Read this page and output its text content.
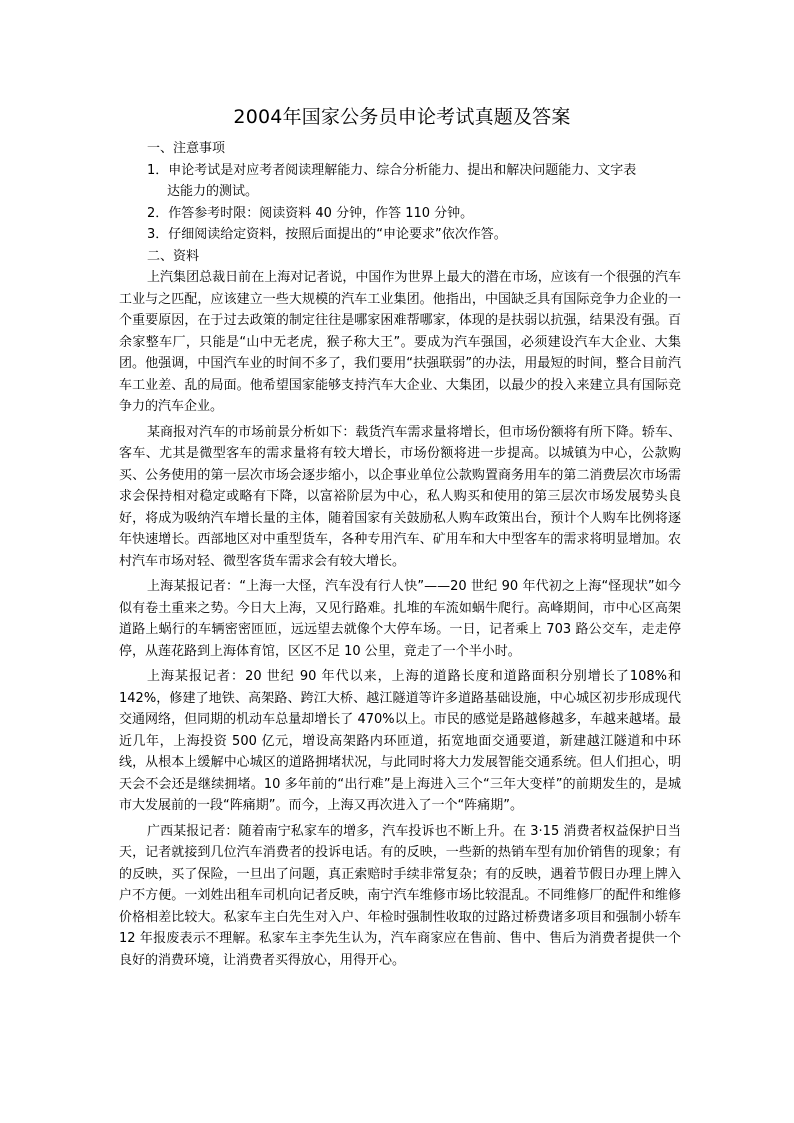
2004年国家公务员申论考试真题及答案

一、注意事项

1．申论考试是对应考者阅读理解能力、综合分析能力、提出和解决问题能力、文字表

达能力的测试。

2．作答参考时限：阅读资料 40 分钟，作答 110 分钟。

3．仔细阅读给定资料，按照后面提出的“申论要求”依次作答。

二、资料

上汽集团总裁日前在上海对记者说，中国作为世界上最大的潜在市场，应该有一个很强的汽车工业与之匹配，应该建立一些大规模的汽车工业集团。他指出，中国缺乏具有国际竞争力企业的一个重要原因，在于过去政策的制定往往是哪家困难帮哪家，体现的是扶弱以抗强，结果没有强。百余家整车厂，只能是“山中无老虎，猴子称大王”。要成为汽车强国，必须建设汽车大企业、大集团。他强调，中国汽车业的时间不多了，我们要用“扶强联弱”的办法，用最短的时间，整合目前汽车工业差、乱的局面。他希望国家能够支持汽车大企业、大集团，以最少的投入来建立具有国际竞争力的汽车企业。

某商报对汽车的市场前景分析如下：载货汽车需求量将增长，但市场份额将有所下降。轿车、客车、尤其是微型客车的需求量将有较大增长，市场份额将进一步提高。以城镇为中心，公款购买、公务使用的第一层次市场会逐步缩小，以企事业单位公款购置商务用车的第二消费层次市场需求会保持相对稳定或略有下降，以富裕阶层为中心，私人购买和使用的第三层次市场发展势头良好，将成为吸纳汽车增长量的主体，随着国家有关鼓励私人购车政策出台，预计个人购车比例将逐年快速增长。西部地区对中重型货车，各种专用汽车、矿用车和大中型客车的需求将明显增加。农村汽车市场对轻、微型客货车需求会有较大增长。

上海某报记者：“上海一大怪，汽车没有行人快”——20 世纪 90 年代初之上海“怪现状”如今似有卷土重来之势。今日大上海，又见行路难。扎堆的车流如蜗牛爬行。高峰期间，市中心区高架道路上蜗行的车辆密密匝匝，远远望去就像个大停车场。一日，记者乘上 703 路公交车，走走停停，从莲花路到上海体育馆，区区不足 10 公里，竟走了一个半小时。

上海某报记者：20 世纪 90 年代以来，上海的道路长度和道路面积分别增长了108%和142%，修建了地铁、高架路、跨江大桥、越江隧道等许多道路基础设施，中心城区初步形成现代交通网络，但同期的机动车总量却增长了 470%以上。市民的感觉是路越修越多，车越来越堵。最近几年，上海投资 500 亿元，增设高架路内环匝道，拓宽地面交通要道，新建越江隧道和中环线，从根本上缓解中心城区的道路拥堵状况，与此同时将大力发展智能交通系统。但人们担心，明天会不会还是继续拥堵。10 多年前的“出行难”是上海进入三个“三年大变样”的前期发生的，是城市大发展前的一段“阵痛期”。而今，上海又再次进入了一个“阵痛期”。

广西某报记者：随着南宁私家车的增多，汽车投诉也不断上升。在 3·15 消费者权益保护日当天，记者就接到几位汽车消费者的投诉电话。有的反映，一些新的热销车型有加价销售的现象；有的反映，买了保险，一旦出了问题，真正索赔时手续非常复杂；有的反映，遇着节假日办理上牌入户不方便。一刘姓出租车司机向记者反映，南宁汽车维修市场比较混乱。不同维修厂的配件和维修价格相差比较大。私家车主白先生对入户、年检时强制性收取的过路过桥费诸多项目和强制小轿车 12 年报废表示不理解。私家车主李先生认为，汽车商家应在售前、售中、售后为消费者提供一个良好的消费环境，让消费者买得放心，用得开心。
